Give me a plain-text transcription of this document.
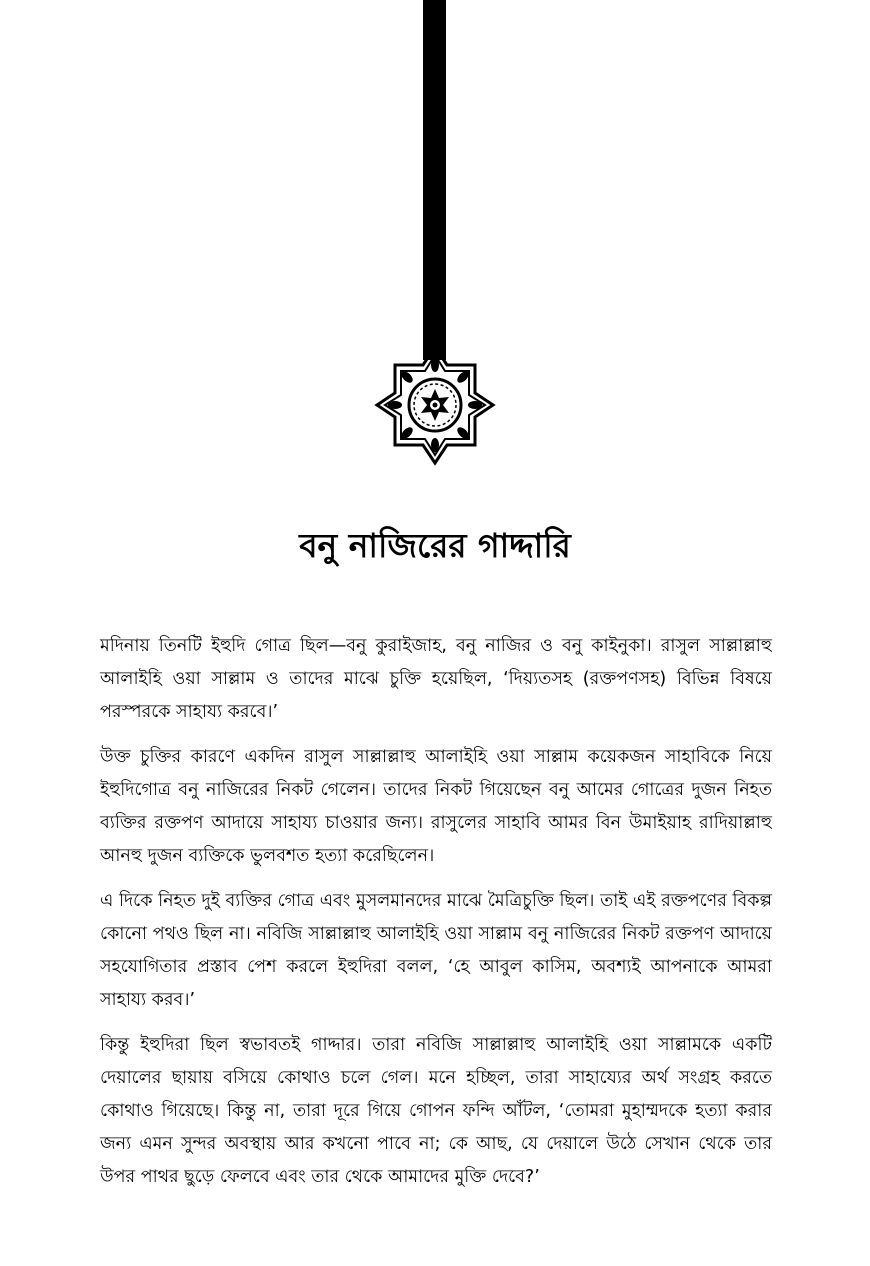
বনু নাজিরের গাদ্দারি

মদিনায় তিনটি ইহুদি গোত্র ছিল—বনু কুরাইজাহ, বনু নাজির ও বনু কাইনুকা। রাসুল সাল্লাল্লাহু আলাইহি ওয়া সাল্লাম ও তাদের মাঝে চুক্তি হয়েছিল, ‘দিয়্যতসহ (রক্তপণসহ) বিভিন্ন বিষয়ে পরস্পরকে সাহায্য করবে।’

উক্ত চুক্তির কারণে একদিন রাসুল সাল্লাল্লাহু আলাইহি ওয়া সাল্লাম কয়েকজন সাহাবিকে নিয়ে ইহুদিগোত্র বনু নাজিরের নিকট গেলেন। তাদের নিকট গিয়েছেন বনু আমের গোত্রের দুজন নিহত ব্যক্তির রক্তপণ আদায়ে সাহায্য চাওয়ার জন্য। রাসুলের সাহাবি আমর বিন উমাইয়াহ রাদিয়াল্লাহু আনহু দুজন ব্যক্তিকে ভুলবশত হত্যা করেছিলেন।

এ দিকে নিহত দুই ব্যক্তির গোত্র এবং মুসলমানদের মাঝে মৈত্রিচুক্তি ছিল। তাই এই রক্তপণের বিকল্প কোনো পথও ছিল না। নবিজি সাল্লাল্লাহু আলাইহি ওয়া সাল্লাম বনু নাজিরের নিকট রক্তপণ আদায়ে সহযোগিতার প্রস্তাব পেশ করলে ইহুদিরা বলল, ‘হে আবুল কাসিম, অবশ্যই আপনাকে আমরা সাহায্য করব।’

কিন্তু ইহুদিরা ছিল স্বভাবতই গাদ্দার। তারা নবিজি সাল্লাল্লাহু আলাইহি ওয়া সাল্লামকে একটি দেয়ালের ছায়ায় বসিয়ে কোথাও চলে গেল। মনে হচ্ছিল, তারা সাহায্যের অর্থ সংগ্রহ করতে কোথাও গিয়েছে। কিন্তু না, তারা দূরে গিয়ে গোপন ফন্দি আঁটল, ‘তোমরা মুহাম্মদকে হত্যা করার জন্য এমন সুন্দর অবস্থায় আর কখনো পাবে না; কে আছ, যে দেয়ালে উঠে সেখান থেকে তার উপর পাথর ছুড়ে ফেলবে এবং তার থেকে আমাদের মুক্তি দেবে?’
